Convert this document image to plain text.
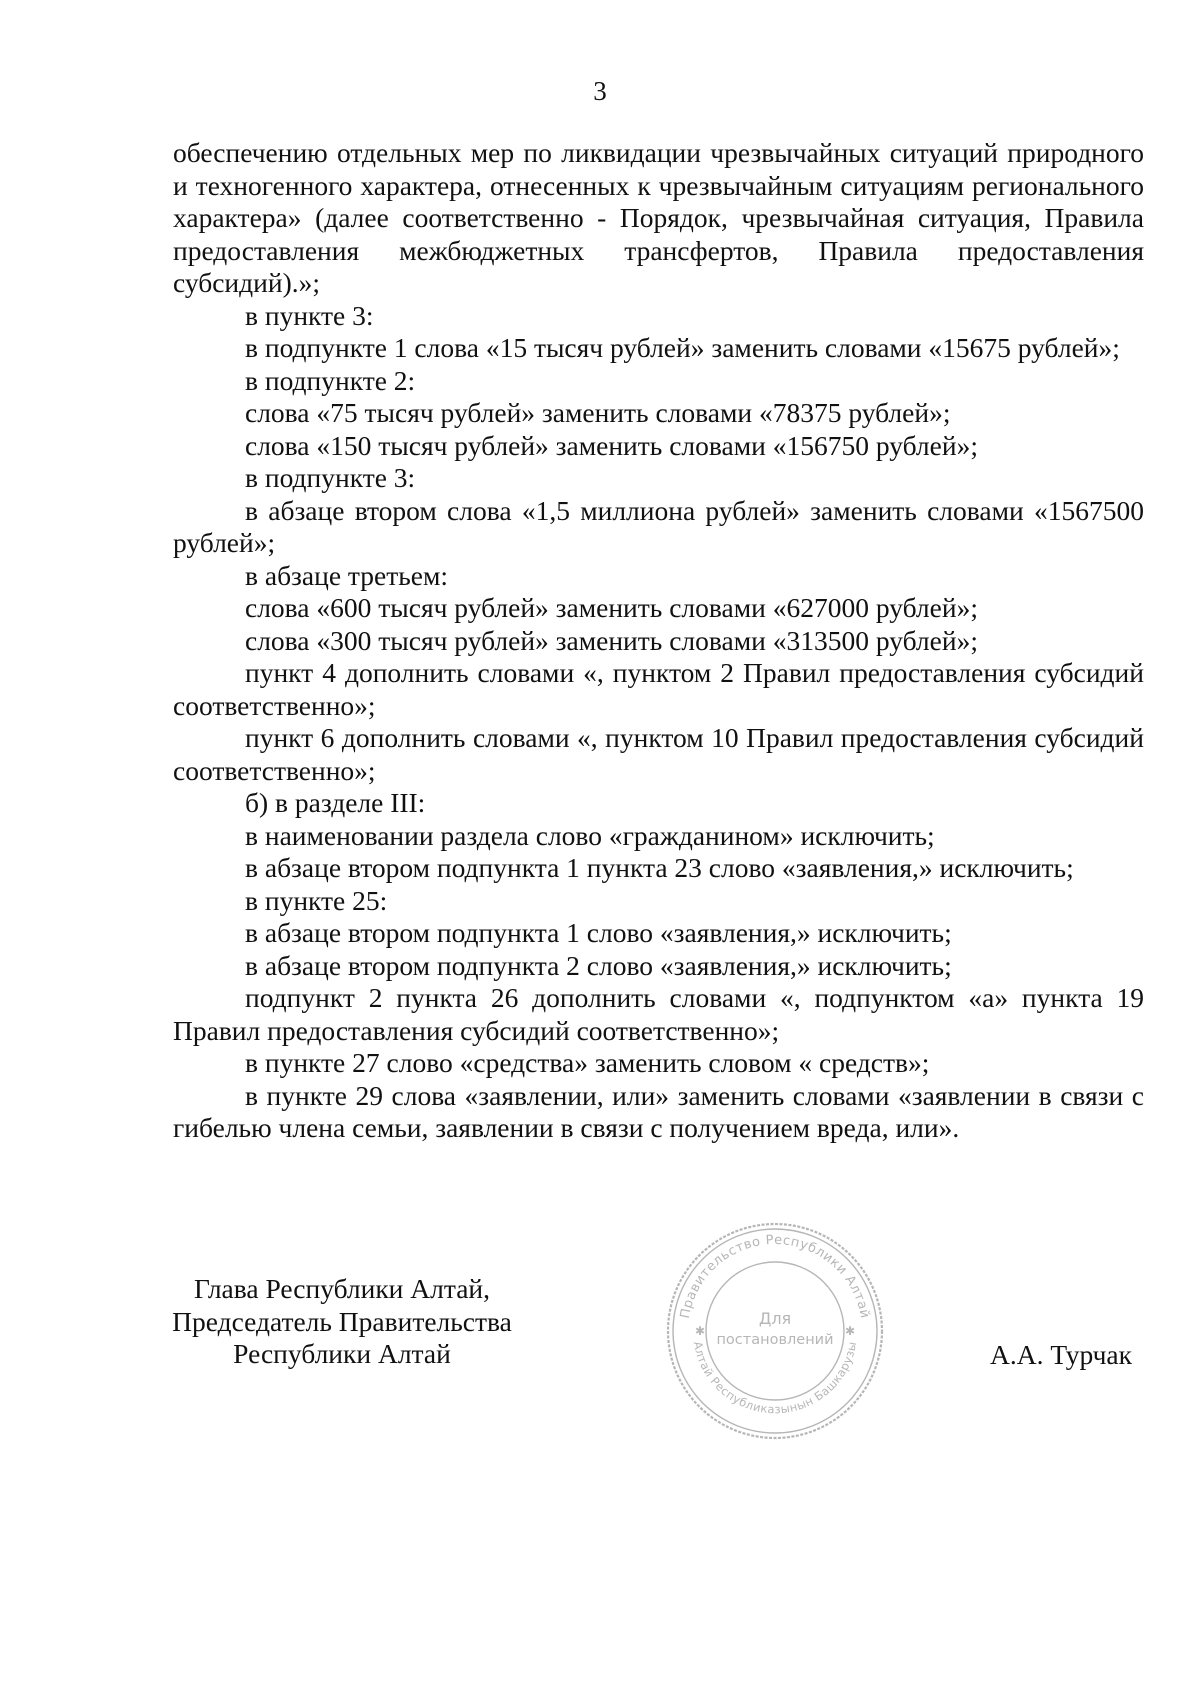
3

обеспечению отдельных мер по ликвидации чрезвычайных ситуаций природного и техногенного характера, отнесенных к чрезвычайным ситуациям регионального характера» (далее соответственно - Порядок, чрезвычайная ситуация, Правила предоставления межбюджетных трансфертов, Правила предоставления субсидий).»;

в пункте 3:

в подпункте 1 слова «15 тысяч рублей» заменить словами «15675 рублей»;

в подпункте 2:

слова «75 тысяч рублей» заменить словами «78375 рублей»;

слова «150 тысяч рублей» заменить словами «156750 рублей»;

в подпункте 3:

в абзаце втором слова «1,5 миллиона рублей» заменить словами «1567500 рублей»;

в абзаце третьем:

слова «600 тысяч рублей» заменить словами «627000 рублей»;

слова «300 тысяч рублей» заменить словами «313500 рублей»;

пункт 4 дополнить словами «, пунктом 2 Правил предоставления субсидий соответственно»;

пункт 6 дополнить словами «, пунктом 10 Правил предоставления субсидий соответственно»;

б) в разделе III:

в наименовании раздела слово «гражданином» исключить;

в абзаце втором подпункта 1 пункта 23 слово «заявления,» исключить;

в пункте 25:

в абзаце втором подпункта 1 слово «заявления,» исключить;

в абзаце втором подпункта 2 слово «заявления,» исключить;

подпункт 2 пункта 26 дополнить словами «, подпунктом «а» пункта 19 Правил предоставления субсидий соответственно»;

в пункте 27 слово «средства» заменить словом « средств»;

в пункте 29 слова «заявлении, или» заменить словами «заявлении в связи с гибелью члена семьи, заявлении в связи с получением вреда, или».

Глава Республики Алтай,
Председатель Правительства
Республики Алтай
Правительство Республики Алтай
Алтай Республиказынын Башкарузы
✱	✱
Для
постановлений	А.А. Турчак
